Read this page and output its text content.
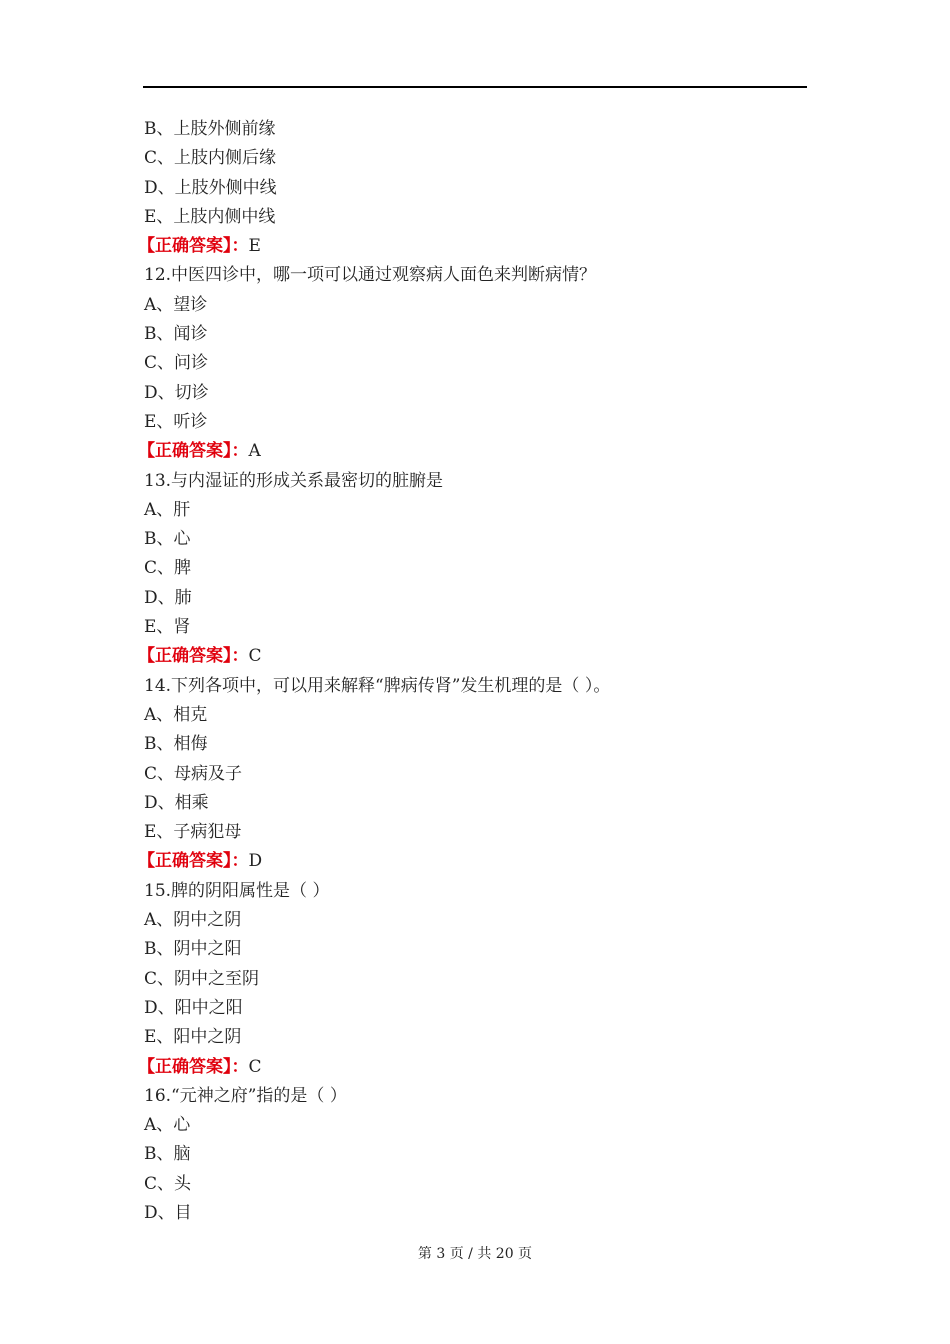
B、上肢外侧前缘
C、上肢内侧后缘
D、上肢外侧中线
E、上肢内侧中线
【正确答案】：E
12.中医四诊中，哪一项可以通过观察病人面色来判断病情？
A、望诊
B、闻诊
C、问诊
D、切诊
E、听诊
【正确答案】：A
13.与内湿证的形成关系最密切的脏腑是
A、肝
B、心
C、脾
D、肺
E、肾
【正确答案】：C
14.下列各项中，可以用来解释“脾病传肾”发生机理的是（ ）。
A、相克
B、相侮
C、母病及子
D、相乘
E、子病犯母
【正确答案】：D
15.脾的阴阳属性是（ ）
A、阴中之阴
B、阴中之阳
C、阴中之至阴
D、阳中之阳
E、阳中之阴
【正确答案】：C
16.“元神之府”指的是（ ）
A、心
B、脑
C、头
D、目
第 3 页 / 共 20 页
